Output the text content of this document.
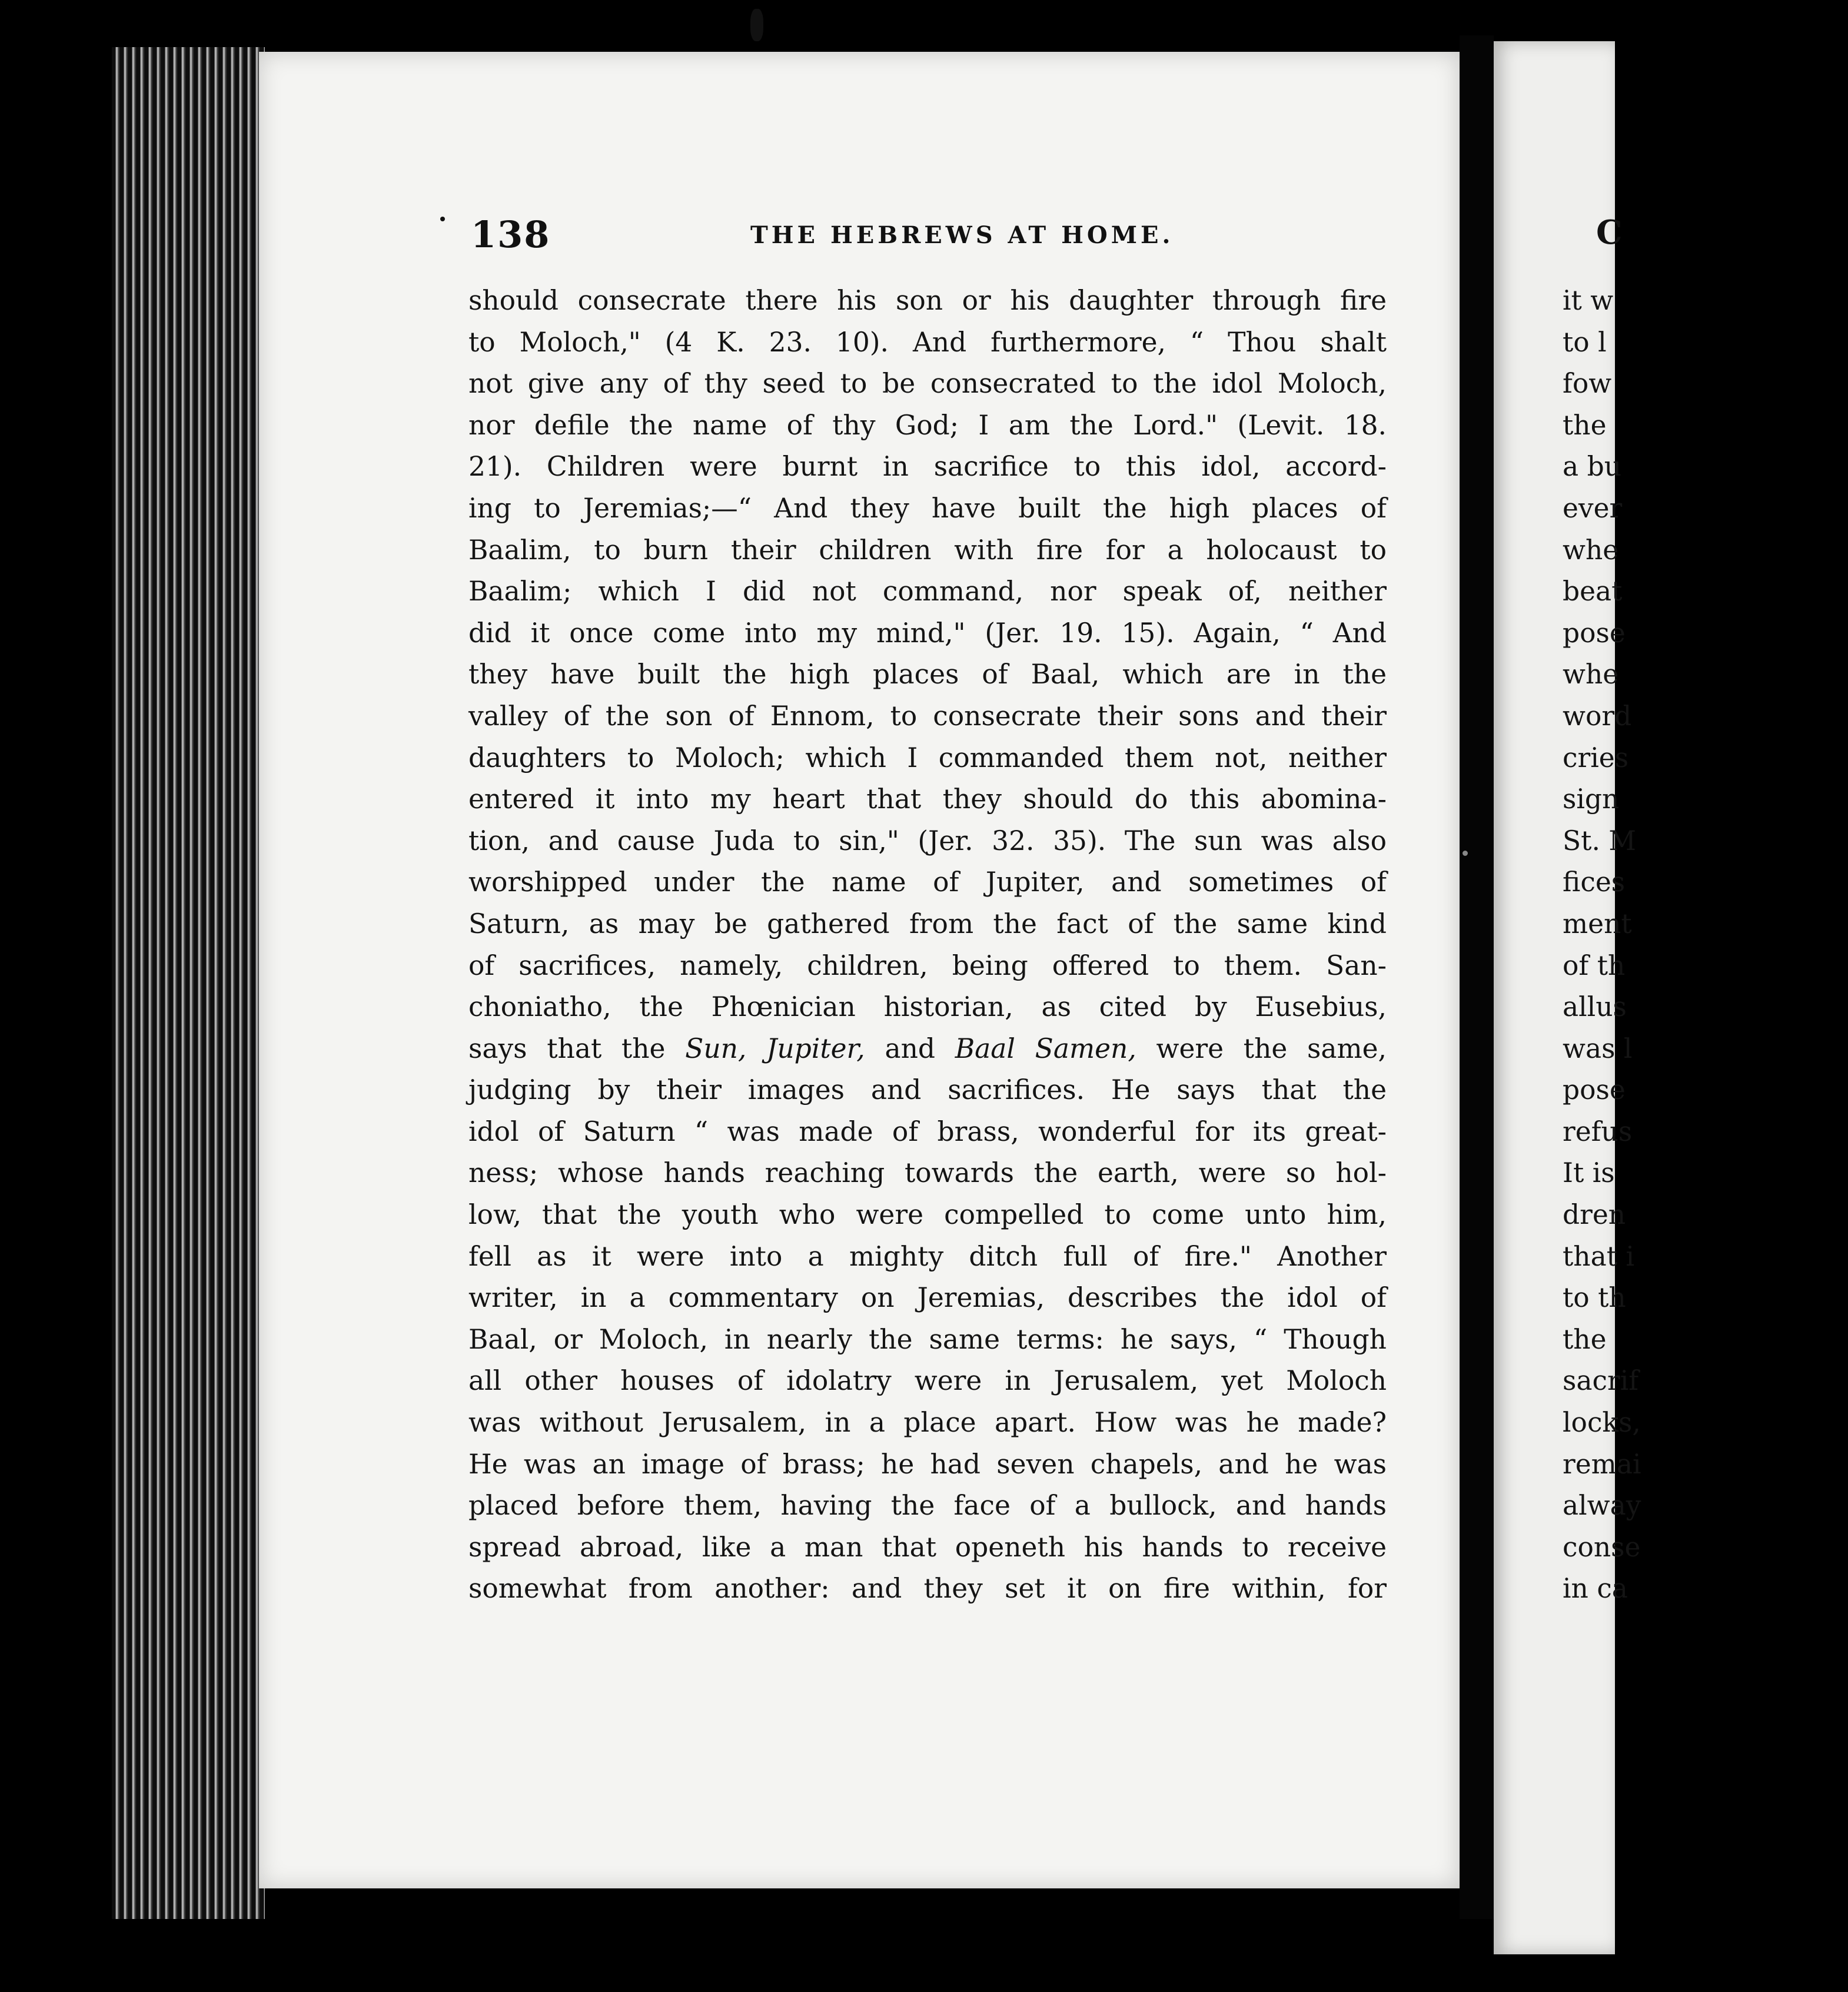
138	THE HEBREWS AT HOME.	C
should consecrate there his son or his daughter through fire
to Moloch," (4 K. 23. 10). And furthermore, “ Thou shalt
not give any of thy seed to be consecrated to the idol Moloch,
nor defile the name of thy God; I am the Lord." (Levit. 18.
21). Children were burnt in sacrifice to this idol, accord-
ing to Jeremias;—“ And they have built the high places of
Baalim, to burn their children with fire for a holocaust to
Baalim; which I did not command, nor speak of, neither
did it once come into my mind," (Jer. 19. 15). Again, “ And
they have built the high places of Baal, which are in the
valley of the son of Ennom, to consecrate their sons and their
daughters to Moloch; which I commanded them not, neither
entered it into my heart that they should do this abomina-
tion, and cause Juda to sin," (Jer. 32. 35). The sun was also
worshipped under the name of Jupiter, and sometimes of
Saturn, as may be gathered from the fact of the same kind
of sacrifices, namely, children, being offered to them. San-
choniatho, the Phœnician historian, as cited by Eusebius,
says that the Sun, Jupiter, and Baal Samen, were the same,
judging by their images and sacrifices. He says that the
idol of Saturn “ was made of brass, wonderful for its great-
ness; whose hands reaching towards the earth, were so hol-
low, that the youth who were compelled to come unto him,
fell as it were into a mighty ditch full of fire." Another
writer, in a commentary on Jeremias, describes the idol of
Baal, or Moloch, in nearly the same terms: he says, “ Though
all other houses of idolatry were in Jerusalem, yet Moloch
was without Jerusalem, in a place apart. How was he made?
He was an image of brass; he had seven chapels, and he was
placed before them, having the face of a bullock, and hands
spread abroad, like a man that openeth his hands to receive
somewhat from another: and they set it on fire within, for
it w
to l
fow
the
a bu
ever
whe
beat
pose
whe
word
cries
sign
St. M
fices
ment
of th
allus
was l
pose
refus
It is
dren
that i
to th
the
sacrif
locks,
remai
alway
conse
in ca
